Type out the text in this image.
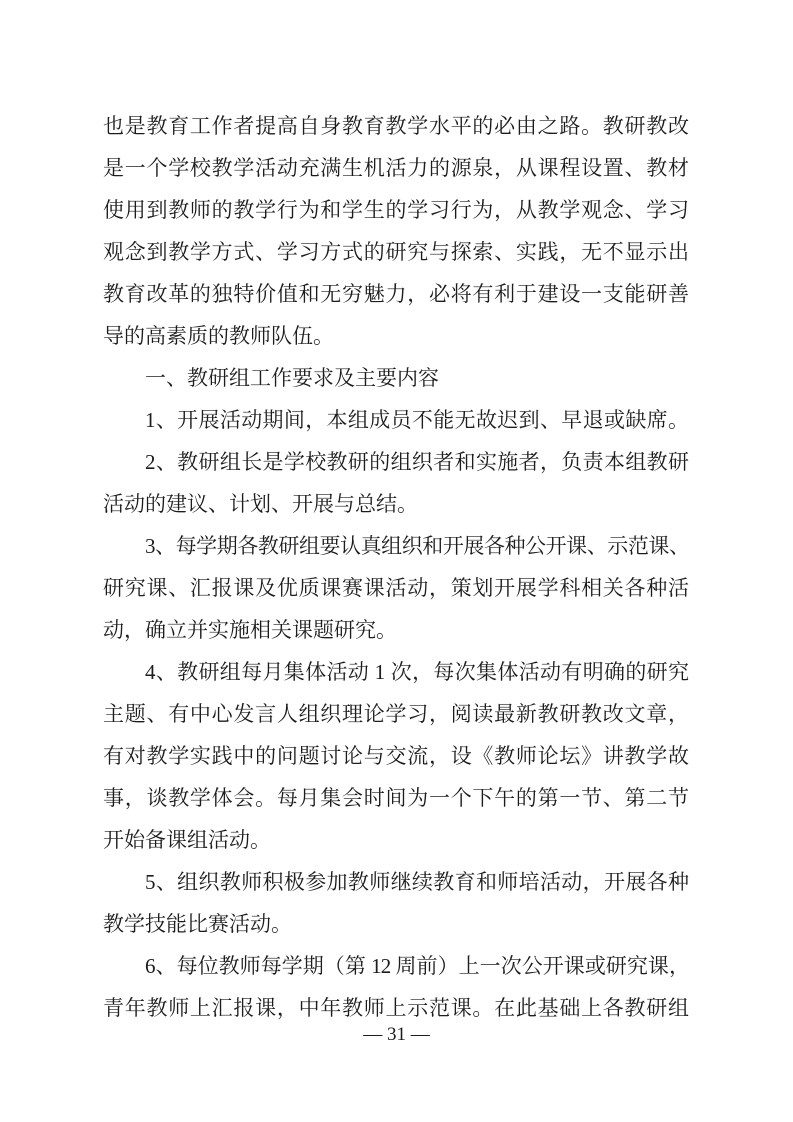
也是教育工作者提高自身教育教学水平的必由之路。教研教改
是一个学校教学活动充满生机活力的源泉，从课程设置、教材
使用到教师的教学行为和学生的学习行为，从教学观念、学习
观念到教学方式、学习方式的研究与探索、实践，无不显示出
教育改革的独特价值和无穷魅力，必将有利于建设一支能研善
导的高素质的教师队伍。
一、教研组工作要求及主要内容
1、开展活动期间，本组成员不能无故迟到、早退或缺席。
2、教研组长是学校教研的组织者和实施者，负责本组教研
活动的建议、计划、开展与总结。
3、每学期各教研组要认真组织和开展各种公开课、示范课、
研究课、汇报课及优质课赛课活动，策划开展学科相关各种活
动，确立并实施相关课题研究。
4、教研组每月集体活动 1 次，每次集体活动有明确的研究
主题、有中心发言人组织理论学习，阅读最新教研教改文章，
有对教学实践中的问题讨论与交流，设《教师论坛》讲教学故
事，谈教学体会。每月集会时间为一个下午的第一节、第二节
开始备课组活动。
5、组织教师积极参加教师继续教育和师培活动，开展各种
教学技能比赛活动。
6、每位教师每学期（第 12 周前）上一次公开课或研究课，
青年教师上汇报课，中年教师上示范课。在此基础上各教研组
— 31 —
